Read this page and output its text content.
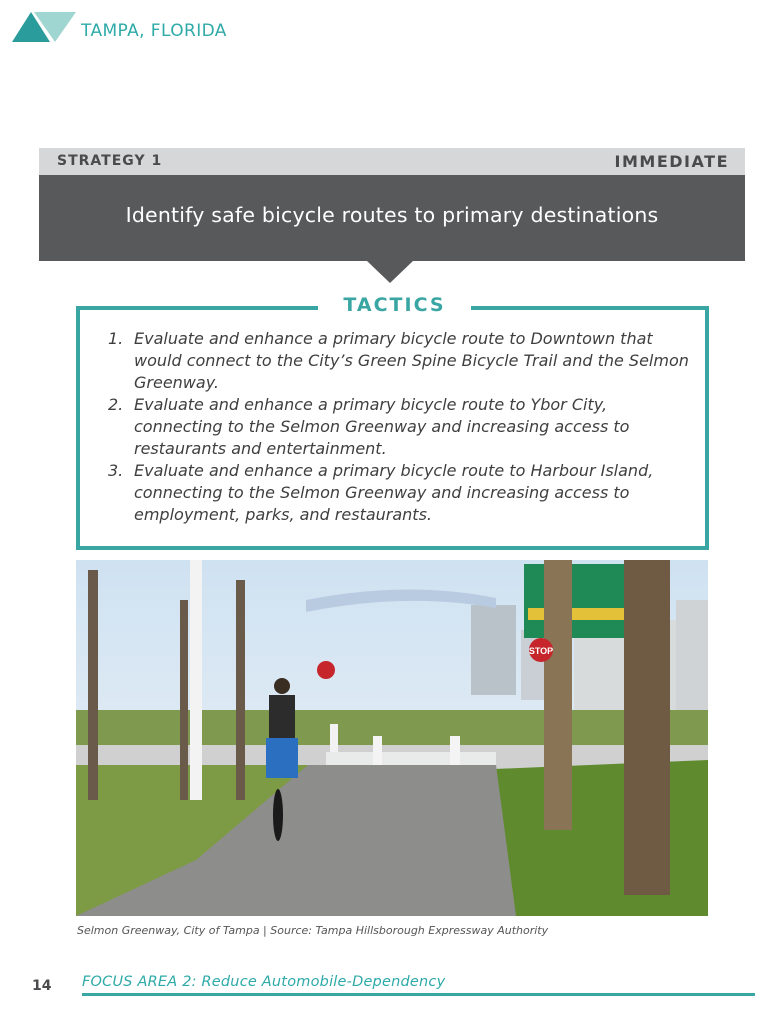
TAMPA, FLORIDA
STRATEGY 1	IMMEDIATE
Identify safe bicycle routes to primary destinations
TACTICS
1. Evaluate and enhance a primary bicycle route to Downtown that would connect to the City’s Green Spine Bicycle Trail and the Selmon Greenway.
2. Evaluate and enhance a primary bicycle route to Ybor City, connecting to the Selmon Greenway and increasing access to restaurants and entertainment.
3. Evaluate and enhance a primary bicycle route to Harbour Island, connecting to the Selmon Greenway and increasing access to employment, parks, and restaurants.
STOP
Selmon Greenway, City of Tampa | Source: Tampa Hillsborough Expressway Authority
14 FOCUS AREA 2: Reduce Automobile-Dependency
